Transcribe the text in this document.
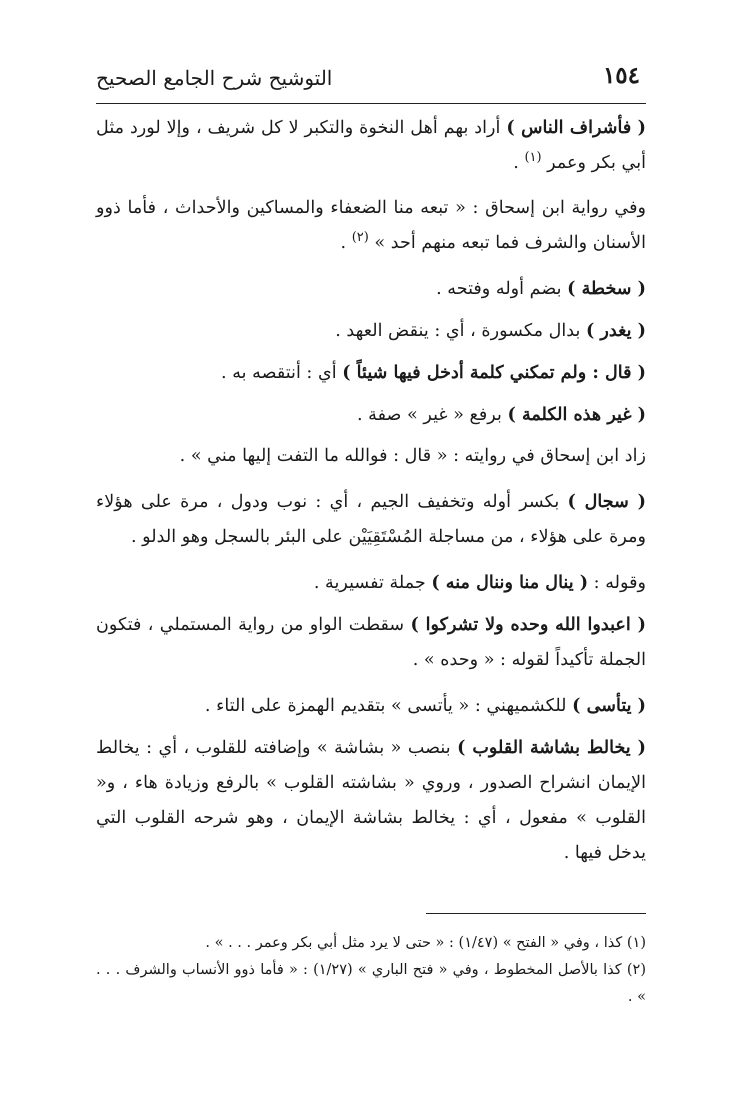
١٥٤
التوشيح شرح الجامع الصحيح

( فأشراف الناس ) أراد بهم أهل النخوة والتكبر لا كل شريف ، وإلا لورد مثل أبي بكر وعمر $^{(١)}$ .

وفي رواية ابن إسحاق : « تبعه منا الضعفاء والمساكين والأحداث ، فأما ذوو الأسنان والشرف فما تبعه منهم أحد » $^{(٢)}$ .

( سخطة ) بضم أوله وفتحه .

( يغدر ) بدال مكسورة ، أي : ينقض العهد .

( قال : ولم تمكني كلمة أدخل فيها شيئاً ) أي : أنتقصه به .

( غير هذه الكلمة ) برفع « غير » صفة .

زاد ابن إسحاق في روايته : « قال : فوالله ما التفت إليها مني » .

( سجال ) بكسر أوله وتخفيف الجيم ، أي : نوب ودول ، مرة على هؤلاء ومرة على هؤلاء ، من مساجلة المُسْتَقِيَيْن على البئر بالسجل وهو الدلو .

وقوله : ( ينال منا وننال منه ) جملة تفسيرية .

( اعبدوا الله وحده ولا تشركوا ) سقطت الواو من رواية المستملي ، فتكون الجملة تأكيداً لقوله : « وحده » .

( يتأسى ) للكشميهني : « يأتسى » بتقديم الهمزة على التاء .

( يخالط بشاشة القلوب ) بنصب « بشاشة » وإضافته للقلوب ، أي : يخالط الإيمان انشراح الصدور ، وروي « بشاشته القلوب » بالرفع وزيادة هاء ، و« القلوب » مفعول ، أي : يخالط بشاشة الإيمان ، وهو شرحه القلوب التي يدخل فيها .

(١) كذا ، وفي « الفتح » (١/٤٧) : « حتى لا يرد مثل أبي بكر وعمر . . . » .

(٢) كذا بالأصل المخطوط ، وفي « فتح الباري » (١/٢٧) : « فأما ذوو الأنساب والشرف . . . » .
